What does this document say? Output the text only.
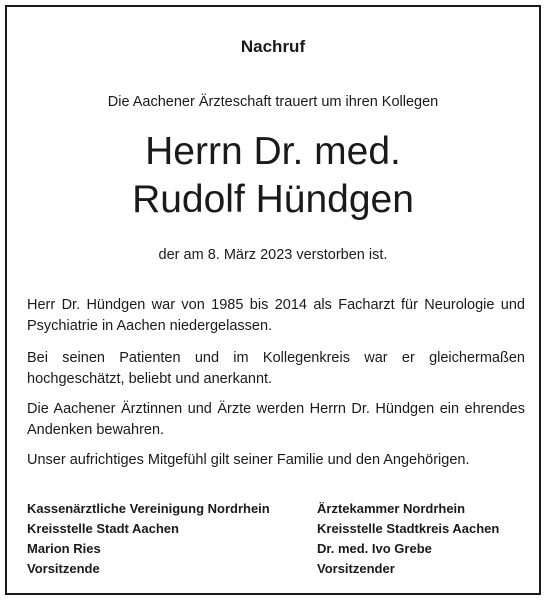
Nachruf
Die Aachener Ärzteschaft trauert um ihren Kollegen
Herrn Dr. med.
Rudolf Hündgen
der am 8. März 2023 verstorben ist.
Herr Dr. Hündgen war von 1985 bis 2014 als Facharzt für Neurologie und Psychiatrie in Aachen niedergelassen.
Bei seinen Patienten und im Kollegenkreis war er gleichermaßen hochgeschätzt, beliebt und anerkannt.
Die Aachener Ärztinnen und Ärzte werden Herrn Dr. Hündgen ein ehrendes Andenken bewahren.
Unser aufrichtiges Mitgefühl gilt seiner Familie und den Angehörigen.
Kassenärztliche Vereinigung Nordrhein
Kreisstelle Stadt Aachen
Marion Ries
Vorsitzende
Ärztekammer Nordrhein
Kreisstelle Stadtkreis Aachen
Dr. med. Ivo Grebe
Vorsitzender
